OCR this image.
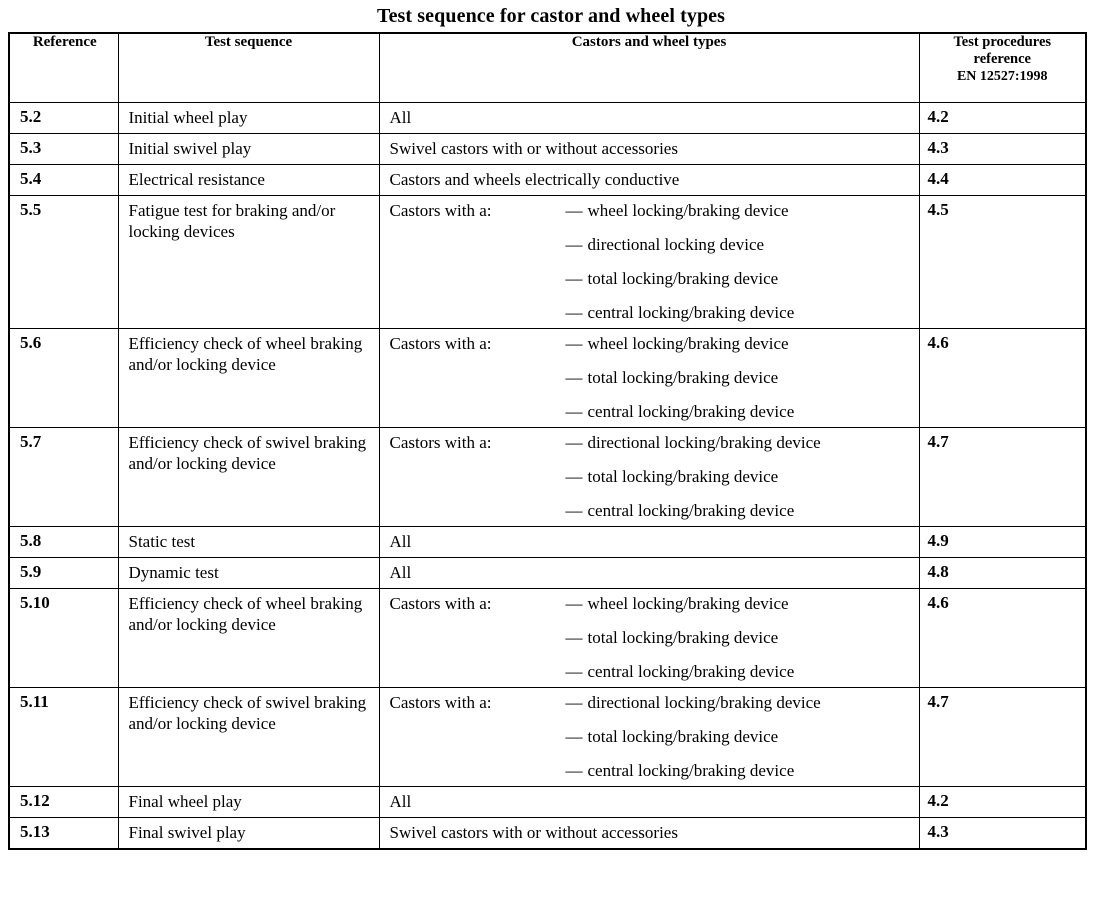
Test sequence for castor and wheel types
Reference	Test sequence	Castors and wheel types	Test procedures
reference
EN 12527:1998

5.2	Initial wheel play	All	4.2
5.3	Initial swivel play	Swivel castors with or without accessories	4.3
5.4	Electrical resistance	Castors and wheels electrically conductive	4.4
5.5	Fatigue test for braking and/or locking devices	Castors with a: — wheel locking/braking device
— directional locking device
— total locking/braking device
— central locking/braking device	4.5
5.6	Efficiency check of wheel braking and/or locking device	Castors with a: — wheel locking/braking device
— total locking/braking device
— central locking/braking device	4.6
5.7	Efficiency check of swivel braking and/or locking device	Castors with a: — directional locking/braking device
— total locking/braking device
— central locking/braking device	4.7
5.8	Static test	All	4.9
5.9	Dynamic test	All	4.8
5.10	Efficiency check of wheel braking and/or locking device	Castors with a: — wheel locking/braking device
— total locking/braking device
— central locking/braking device	4.6
5.11	Efficiency check of swivel braking and/or locking device	Castors with a: — directional locking/braking device
— total locking/braking device
— central locking/braking device	4.7
5.12	Final wheel play	All	4.2
5.13	Final swivel play	Swivel castors with or without accessories	4.3
